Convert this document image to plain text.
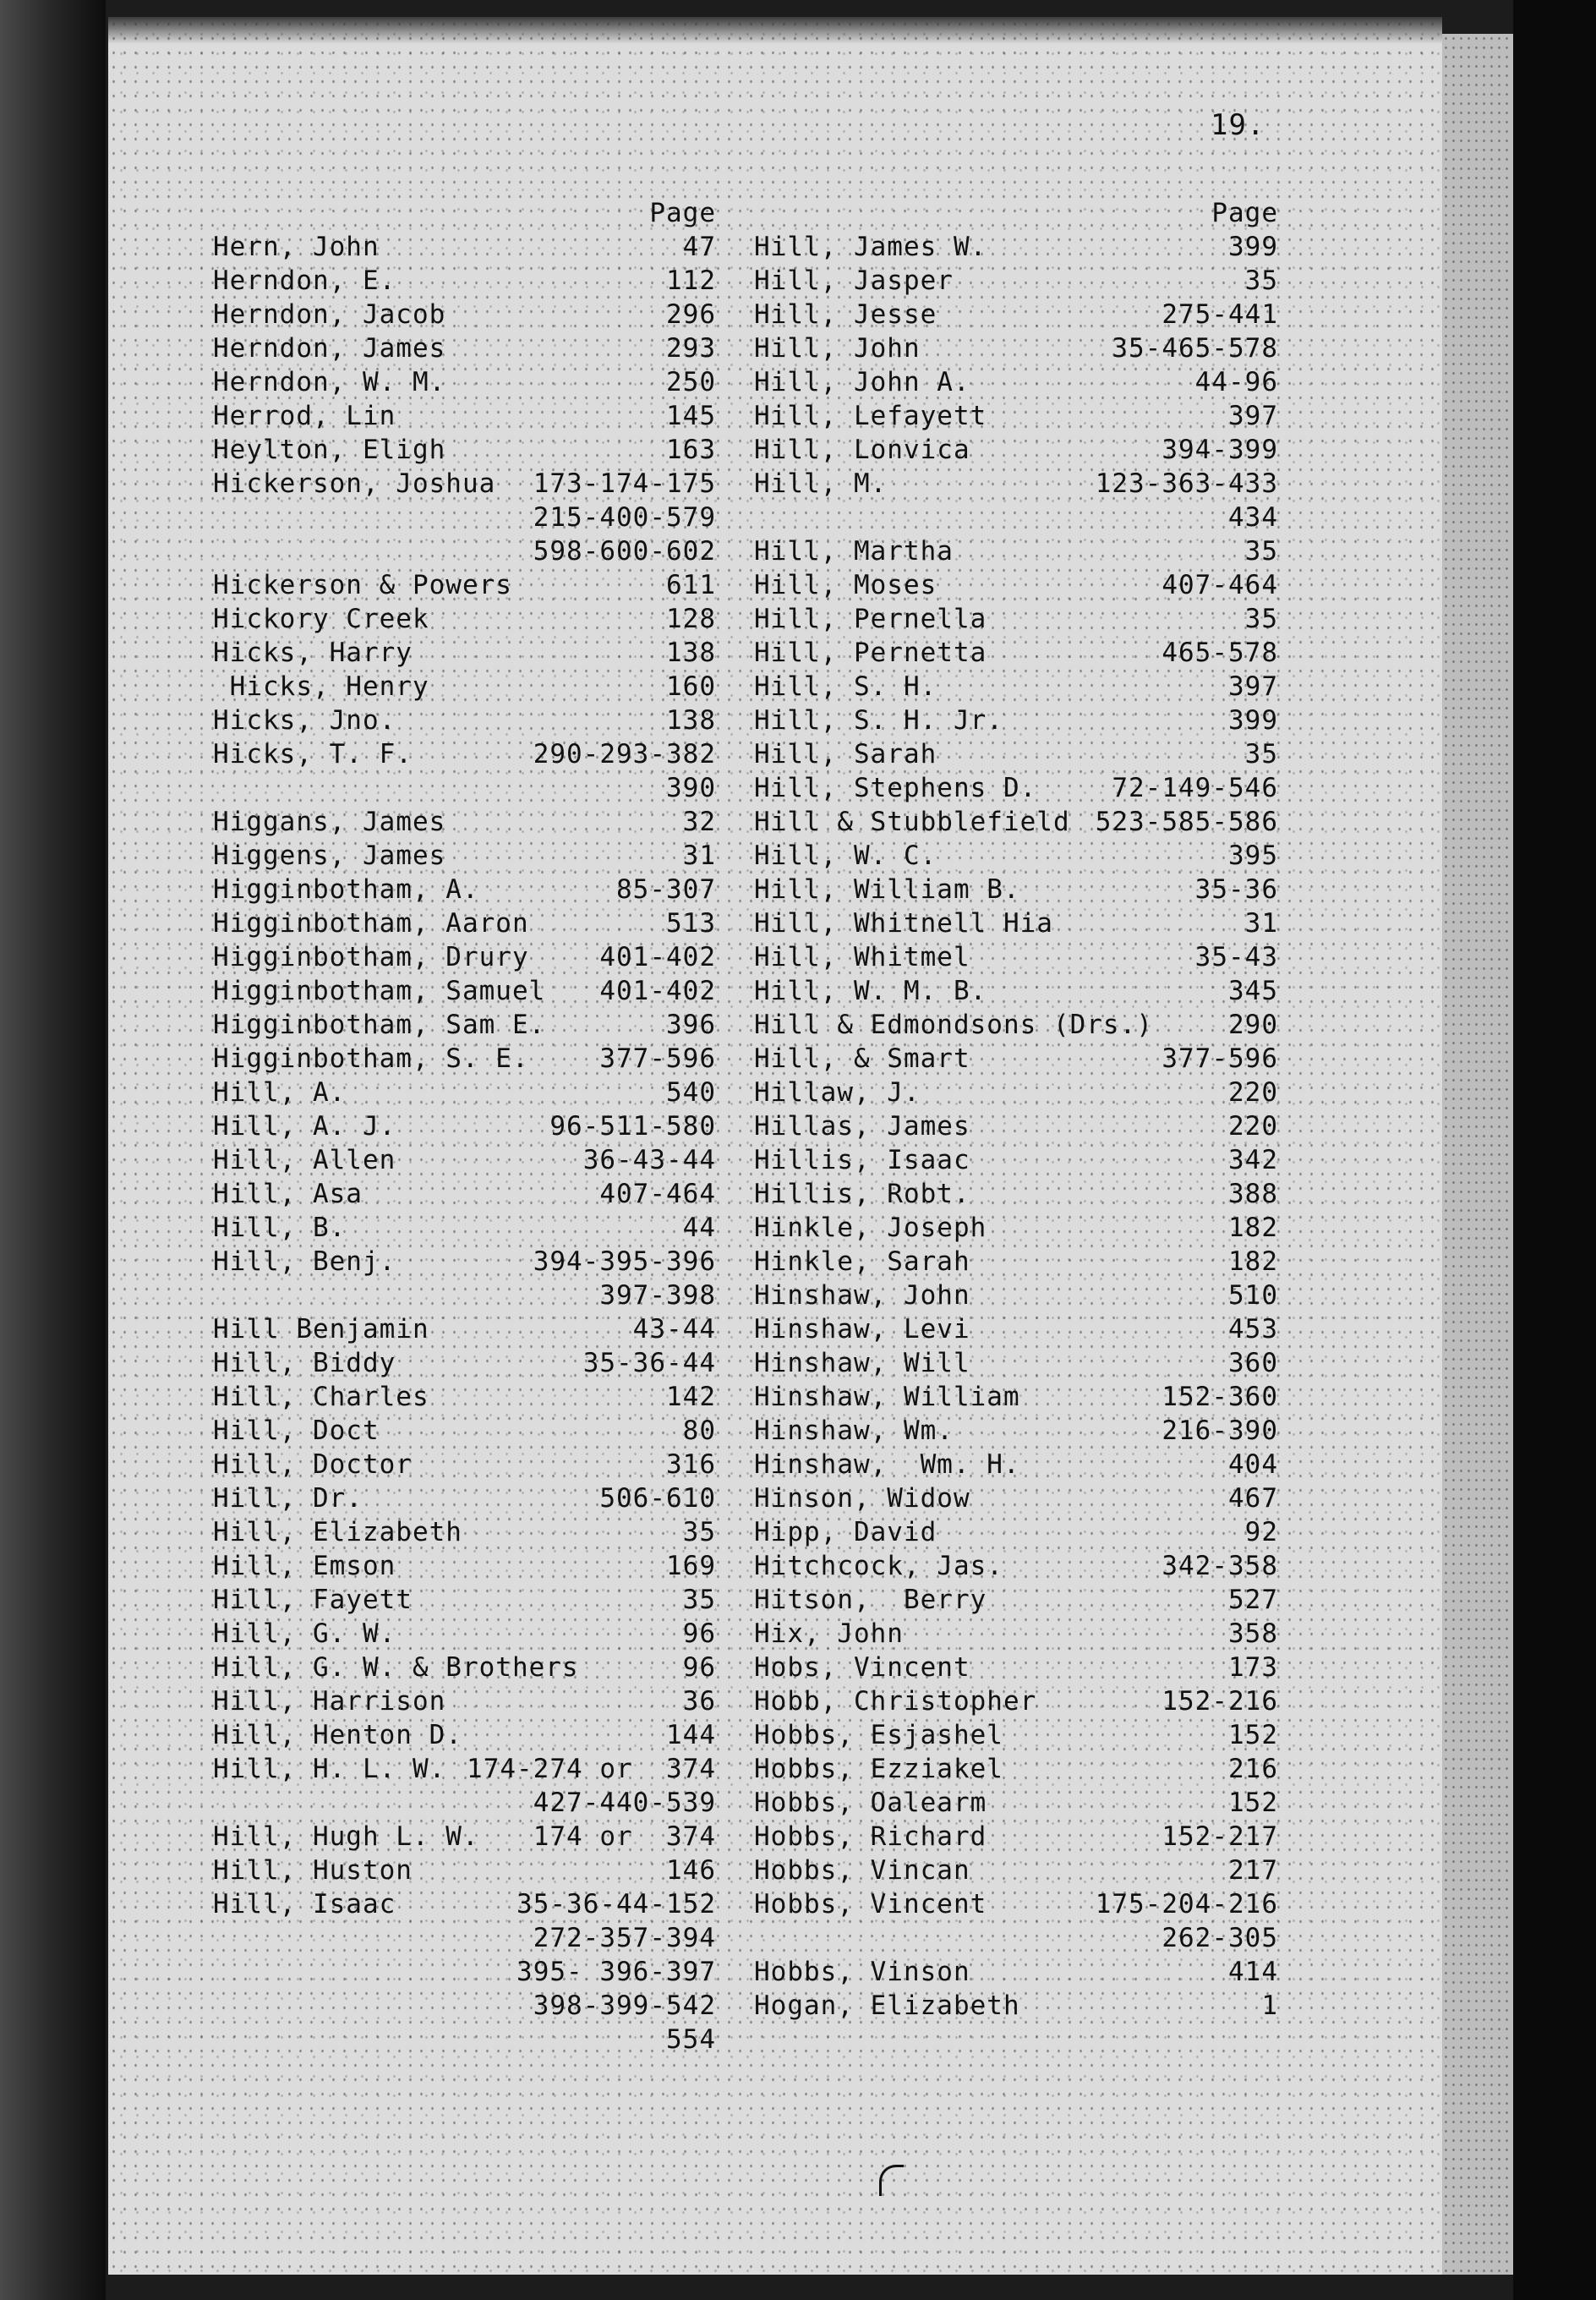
19.
Page
Hern, John	47
Herndon, E.	112
Herndon, Jacob	296
Herndon, James	293
Herndon, W. M.	250
Herrod, Lin	145
Heylton, Eligh	163
Hickerson, Joshua 173-174-175
215-400-579
598-600-602
Hickerson & Powers	611
Hickory Creek	128
Hicks, Harry	138
Hicks, Henry	160
Hicks, Jno.	138
Hicks, T. F.	290-293-382
390
Higgans, James	32
Higgens, James	31
Higginbotham, A.	85-307
Higginbotham, Aaron	513
Higginbotham, Drury	401-402
Higginbotham, Samuel 401-402
Higginbotham, Sam E.	396
Higginbotham, S. E.	377-596
Hill, A.	540
Hill, A. J.	96-511-580
Hill, Allen	36-43-44
Hill, Asa	407-464
Hill, B.	44
Hill, Benj.	394-395-396
397-398
Hill Benjamin	43-44
Hill, Biddy	35-36-44
Hill, Charles	142
Hill, Doct	80
Hill, Doctor	316
Hill, Dr.	506-610
Hill, Elizabeth	35
Hill, Emson	169
Hill, Fayett	35
Hill, G. W.	96
Hill, G. W. & Brothers	96
Hill, Harrison	36
Hill, Henton D.	144
Hill, H. L. W. 174-274 or  374
427-440-539
Hill, Hugh L. W. 174 or  374
Hill, Huston	146
Hill, Isaac	35-36-44-152
272-357-394
395- 396-397
398-399-542
554
Page
Hill, James W.	399
Hill, Jasper	35
Hill, Jesse	275-441
Hill, John	35-465-578
Hill, John A.	44-96
Hill, Lefayett	397
Hill, Lonvica	394-399
Hill, M.	123-363-433
434
Hill, Martha	35
Hill, Moses	407-464
Hill, Pernella	35
Hill, Pernetta	465-578
Hill, S. H.	397
Hill, S. H. Jr.	399
Hill, Sarah	35
Hill, Stephens D.	72-149-546
Hill & Stubblefield 523-585-586
Hill, W. C.	395
Hill, William B.	35-36
Hill, Whitnell Hia	31
Hill, Whitmel	35-43
Hill, W. M. B.	345
Hill & Edmondsons (Drs.)	290
Hill, & Smart	377-596
Hillaw, J.	220
Hillas, James	220
Hillis, Isaac	342
Hillis, Robt.	388
Hinkle, Joseph	182
Hinkle, Sarah	182
Hinshaw, John	510
Hinshaw, Levi	453
Hinshaw, Will	360
Hinshaw, William	152-360
Hinshaw, Wm.	216-390
Hinshaw,  Wm. H.	404
Hinson, Widow	467
Hipp, David	92
Hitchcock, Jas.	342-358
Hitson,  Berry	527
Hix, John	358
Hobs, Vincent	173
Hobb, Christopher	152-216
Hobbs, Esjashel	152
Hobbs, Ezziakel	216
Hobbs, Oalearm	152
Hobbs, Richard	152-217
Hobbs, Vincan	217
Hobbs, Vincent	175-204-216
262-305
Hobbs, Vinson	414
Hogan, Elizabeth	1
